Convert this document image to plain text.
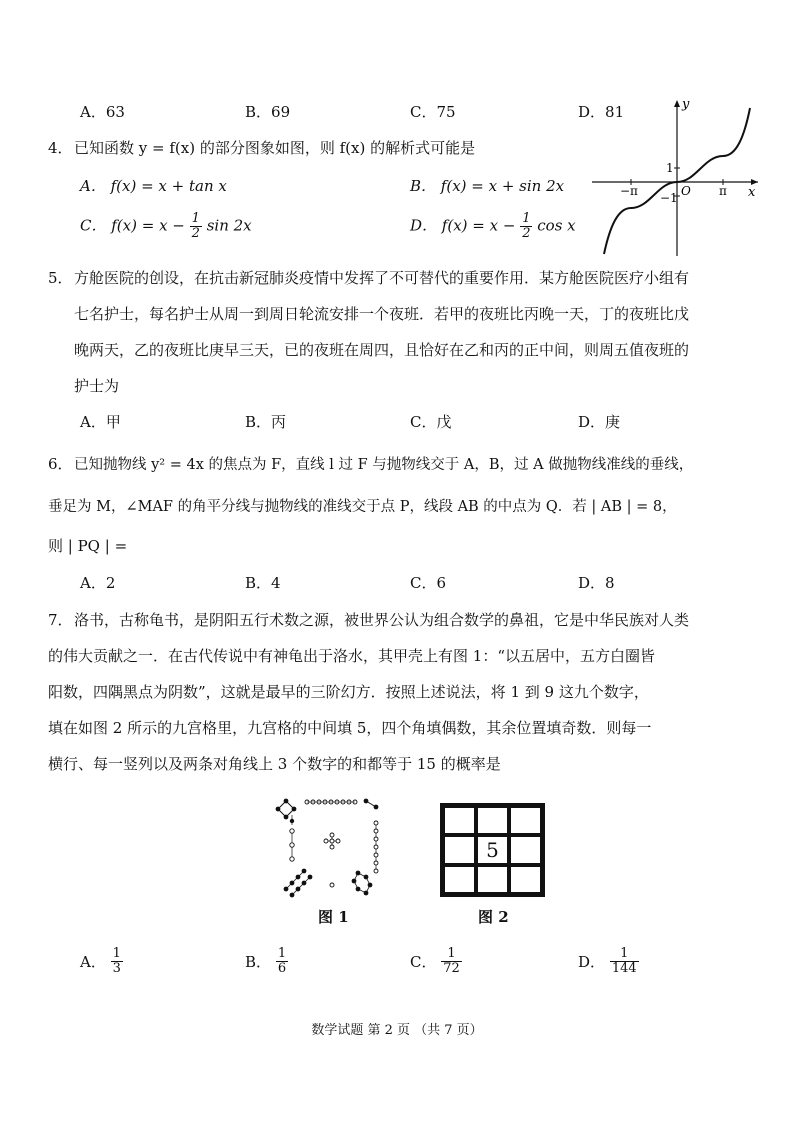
A．63	B．69	C．75	D．81
4． 已知函数 y = f(x) 的部分图象如图，则 f(x) 的解析式可能是
A． f(x) = x + tan x	B． f(x) = x + sin 2x
C． $f(x) = x - \frac{1}{2}$ sin 2x	D． $f(x) = x - \frac{1}{2}$ cos x
y
x
1
−1 O
−π	π
5． 方舱医院的创设，在抗击新冠肺炎疫情中发挥了不可替代的重要作用．某方舱医院医疗小组有
七名护士，每名护士从周一到周日轮流安排一个夜班．若甲的夜班比丙晚一天，丁的夜班比戊
晚两天，乙的夜班比庚早三天，已的夜班在周四，且恰好在乙和丙的正中间，则周五值夜班的
护士为
A．甲	B．丙	C．戊	D．庚
6． 已知抛物线 y² = 4x 的焦点为 F，直线 l 过 F 与抛物线交于 A，B，过 A 做抛物线准线的垂线，
垂足为 M，∠MAF 的角平分线与抛物线的准线交于点 P，线段 AB 的中点为 Q．若 | AB | = 8，
则 | PQ | =
A．2	B．4	C．6	D．8
7． 洛书，古称龟书，是阴阳五行术数之源，被世界公认为组合数学的鼻祖，它是中华民族对人类
的伟大贡献之一．在古代传说中有神龟出于洛水，其甲壳上有图 1：“以五居中，五方白圈皆
阳数，四隅黑点为阴数”，这就是最早的三阶幻方．按照上述说法，将 1 到 9 这九个数字，
填在如图 2 所示的九宫格里，九宫格的中间填 5，四个角填偶数，其余位置填奇数．则每一
横行、每一竖列以及两条对角线上 3 个数字的和都等于 15 的概率是
图 1
5
图 2
A． $\frac{1}{3}$	B． $\frac{1}{6}$	C． $\frac{1}{72}$	D． $\frac{1}{144}$
数学试题 第 2 页 （共 7 页）
